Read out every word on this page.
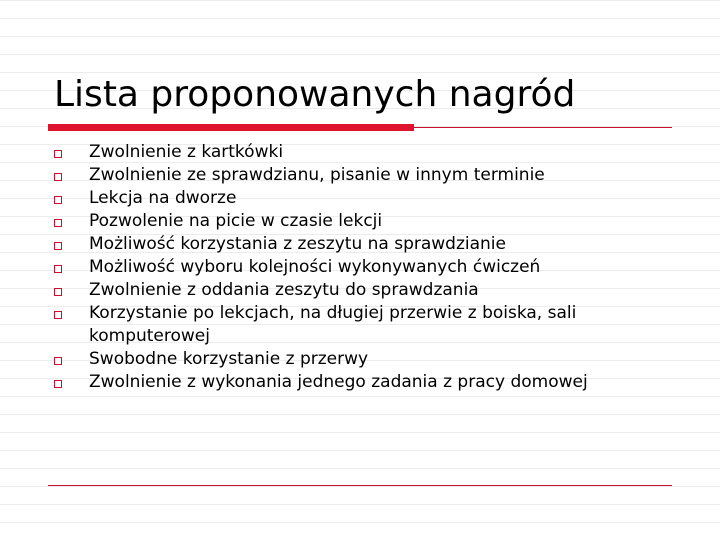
Lista proponowanych nagród
Zwolnienie z kartkówki
Zwolnienie ze sprawdzianu, pisanie w innym terminie
Lekcja na dworze
Pozwolenie na picie w czasie lekcji
Możliwość korzystania z zeszytu na sprawdzianie
Możliwość wyboru kolejności wykonywanych ćwiczeń
Zwolnienie z oddania zeszytu do sprawdzania
Korzystanie po lekcjach, na długiej przerwie z boiska, sali komputerowej
Swobodne korzystanie z przerwy
Zwolnienie z wykonania jednego zadania z pracy domowej
